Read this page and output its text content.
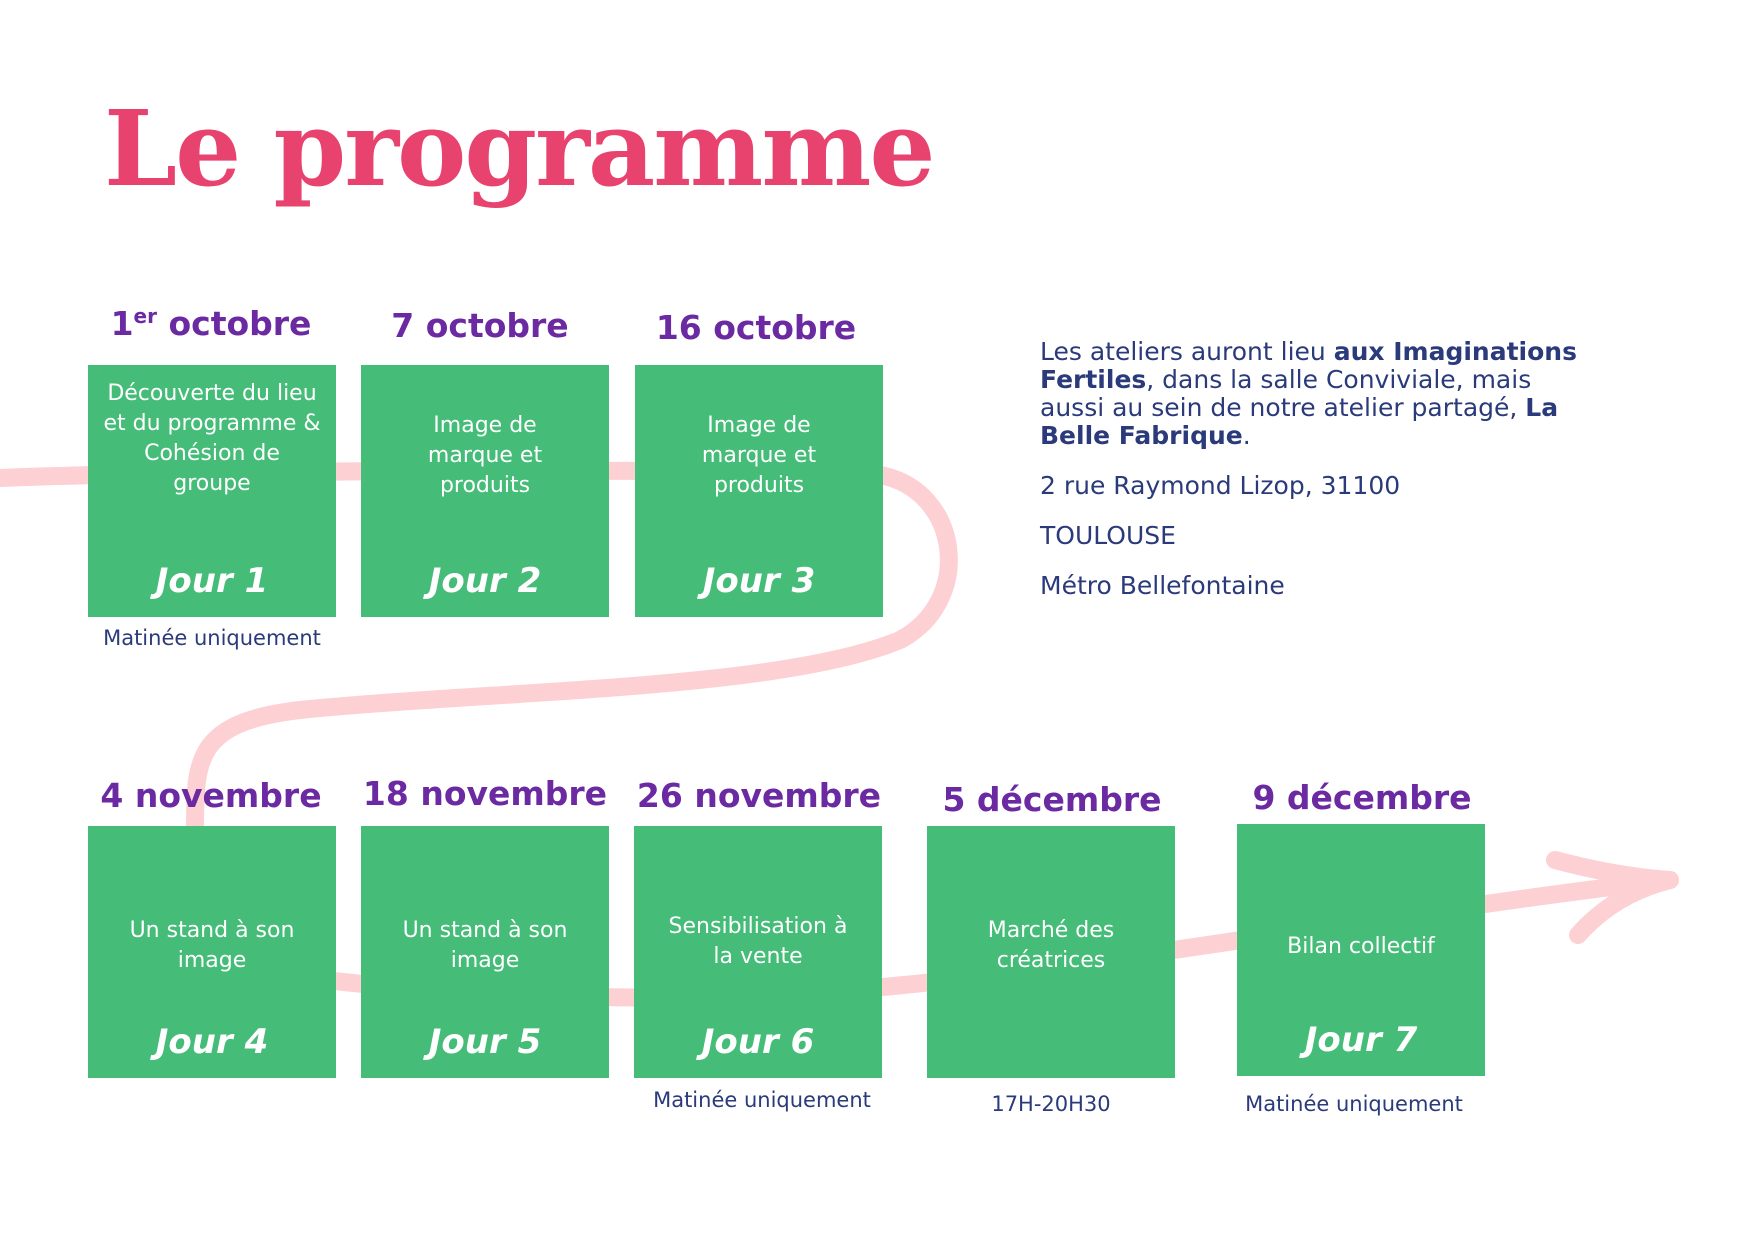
Le programme
1er octobre	7 octobre	16 octobre
Découverte du lieu et du programme & Cohésion de groupe
Jour 1
Image de marque et produits
Jour 2
Image de marque et produits
Jour 3
Matinée uniquement
4 novembre	18 novembre 26 novembre	5 décembre	9 décembre
Un stand à son image
Jour 4
Un stand à son image
Jour 5
Sensibilisation à la vente
Jour 6
Marché des créatrices
Bilan collectif
Jour 7
Matinée uniquement	17H-20H30	Matinée uniquement

Les ateliers auront lieu aux Imaginations Fertiles, dans la salle Conviviale, mais aussi au sein de notre atelier partagé, La Belle Fabrique.

2 rue Raymond Lizop, 31100

TOULOUSE

Métro Bellefontaine
